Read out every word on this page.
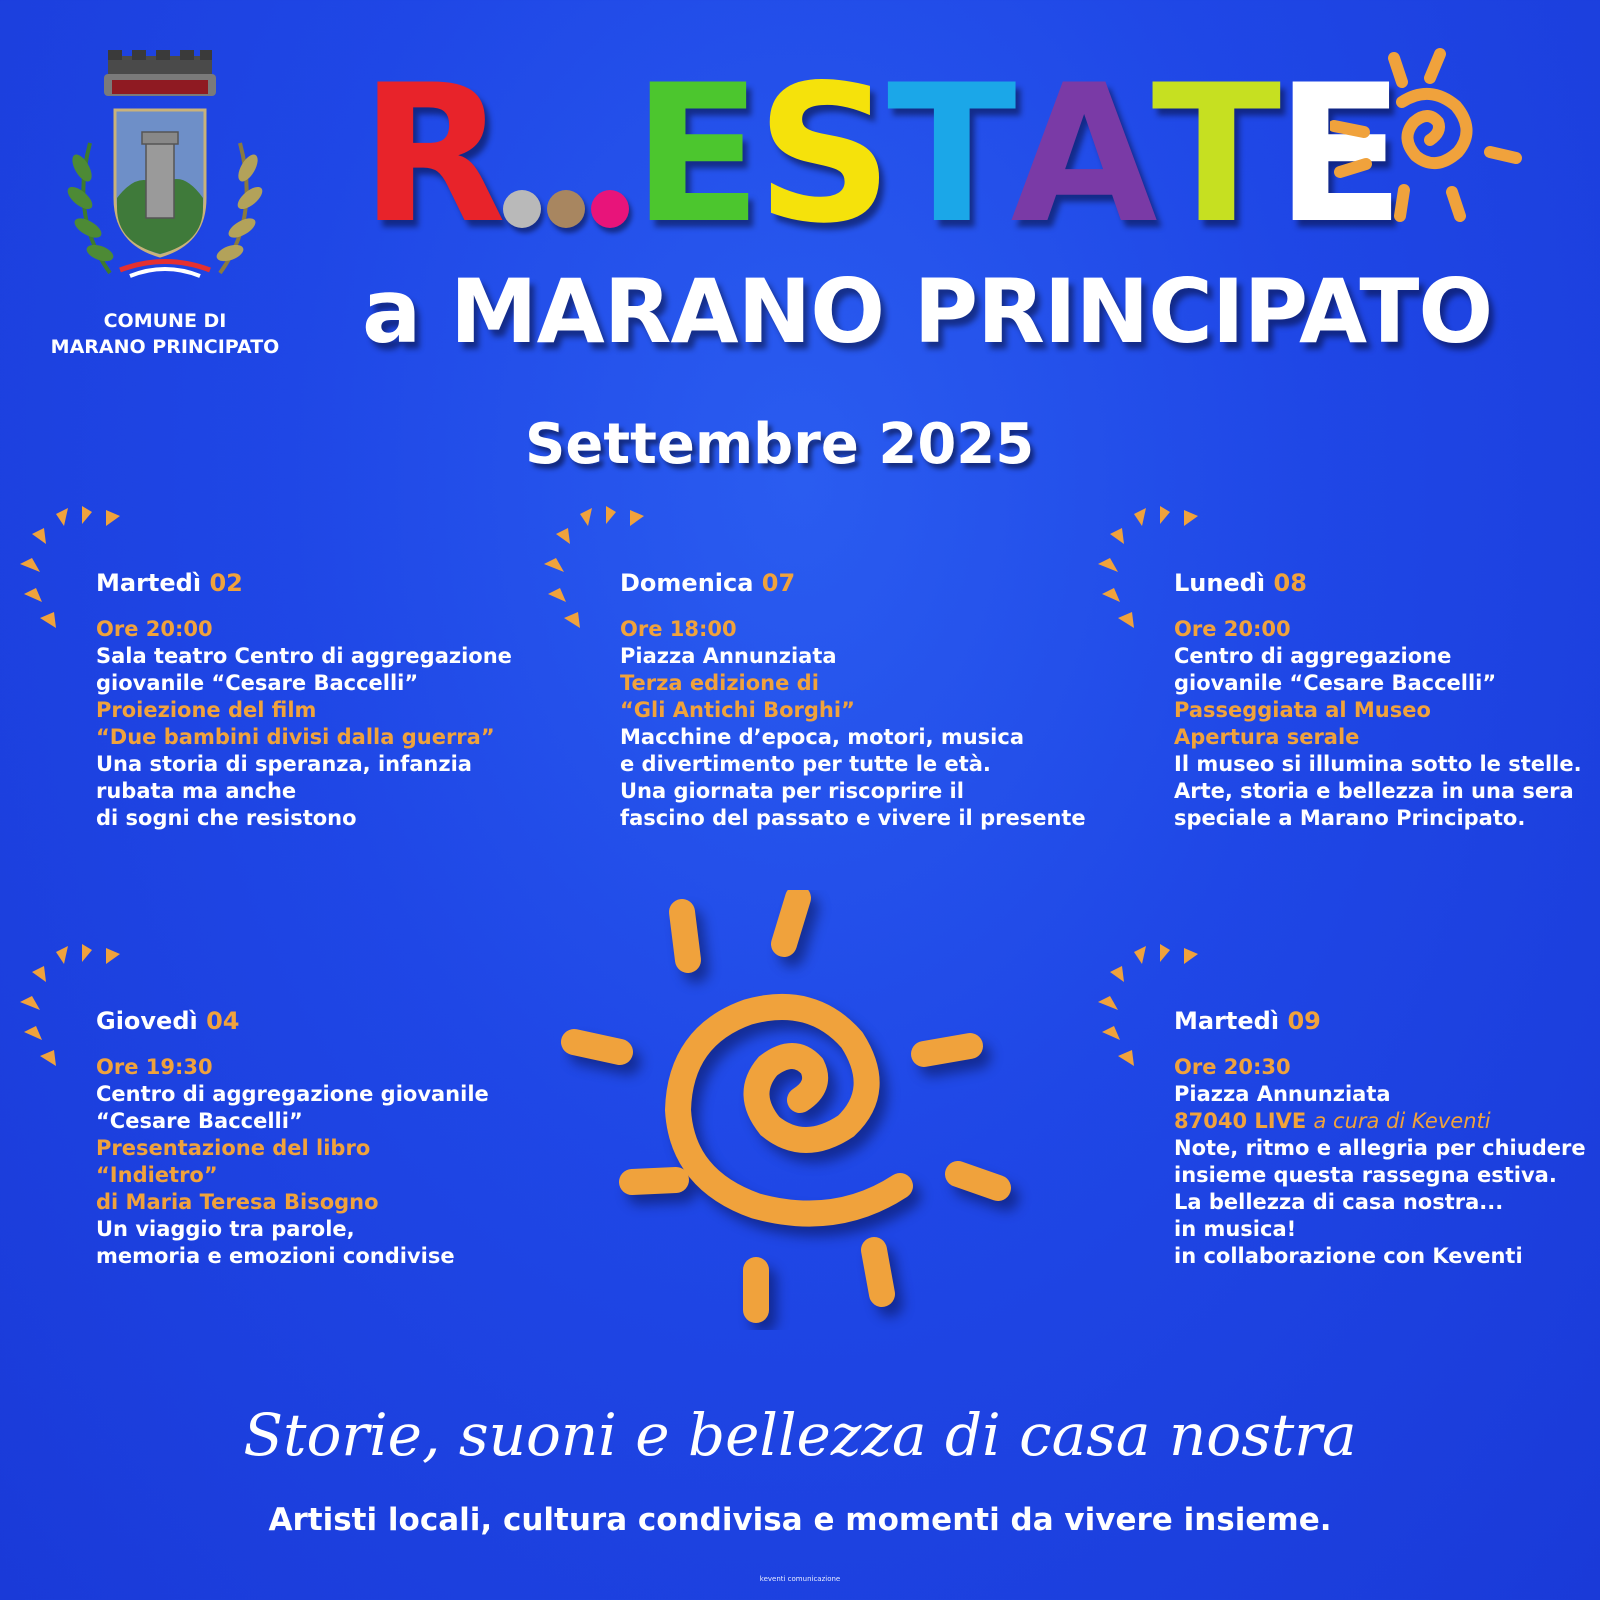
COMUNE DI
MARANO PRINCIPATO
R E S T A T E
a MARANO PRINCIPATO
Settembre 2025
Martedì 02
Ore 20:00
Sala teatro Centro di aggregazione
giovanile “Cesare Baccelli”
Proiezione del film
“Due bambini divisi dalla guerra”
Una storia di speranza, infanzia
rubata ma anche
di sogni che resistono
Domenica 07
Ore 18:00
Piazza Annunziata
Terza edizione di
“Gli Antichi Borghi”
Macchine d’epoca, motori, musica
e divertimento per tutte le età.
Una giornata per riscoprire il
fascino del passato e vivere il presente
Lunedì 08
Ore 20:00
Centro di aggregazione
giovanile “Cesare Baccelli”
Passeggiata al Museo
Apertura serale
Il museo si illumina sotto le stelle.
Arte, storia e bellezza in una sera
speciale a Marano Principato.
Giovedì 04
Ore 19:30
Centro di aggregazione giovanile
“Cesare Baccelli”
Presentazione del libro
“Indietro”
di Maria Teresa Bisogno
Un viaggio tra parole,
memoria e emozioni condivise
Martedì 09
Ore 20:30
Piazza Annunziata
87040 LIVE a cura di Keventi
Note, ritmo e allegria per chiudere
insieme questa rassegna estiva.
La bellezza di casa nostra...
in musica!
in collaborazione con Keventi
Storie, suoni e bellezza di casa nostra
Artisti locali, cultura condivisa e momenti da vivere insieme.
keventi comunicazione
